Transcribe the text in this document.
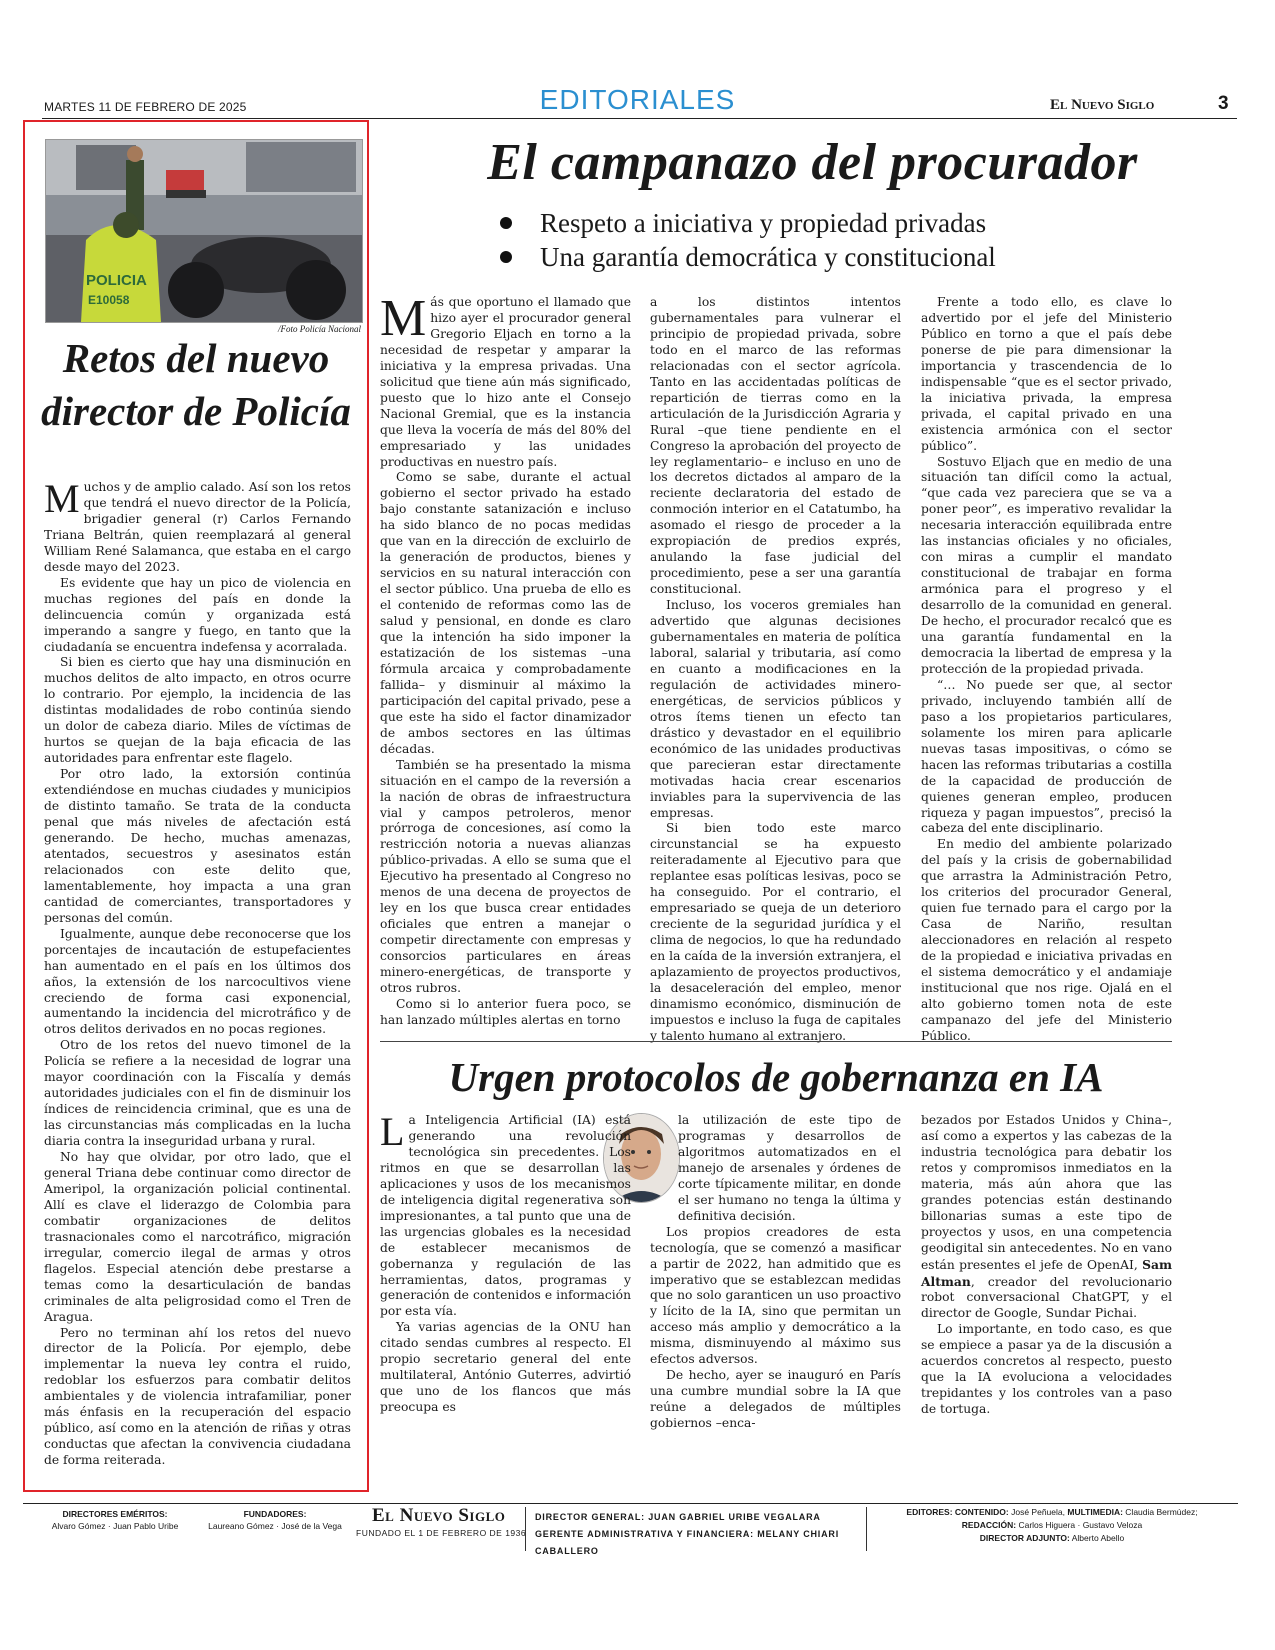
MARTES 11 DE FEBRERO DE 2025	EDITORIALES	El Nuevo Siglo	3
POLICIA
E10058
/Foto Policía Nacional
Retos del nuevo director de Policía

Muchos y de amplio calado. Así son los retos que tendrá el nuevo director de la Policía, brigadier general (r) Carlos Fernando Triana Beltrán, quien reemplazará al general William René Salamanca, que estaba en el cargo desde mayo del 2023.

Es evidente que hay un pico de violencia en muchas regiones del país en donde la delincuencia común y organizada está imperando a sangre y fuego, en tanto que la ciudadanía se encuentra indefensa y acorralada.

Si bien es cierto que hay una disminución en muchos delitos de alto impacto, en otros ocurre lo contrario. Por ejemplo, la incidencia de las distintas modalidades de robo continúa siendo un dolor de cabeza diario. Miles de víctimas de hurtos se quejan de la baja eficacia de las autoridades para enfrentar este flagelo.

Por otro lado, la extorsión continúa extendiéndose en muchas ciudades y municipios de distinto tamaño. Se trata de la conducta penal que más niveles de afectación está generando. De hecho, muchas amenazas, atentados, secuestros y asesinatos están relacionados con este delito que, lamentablemente, hoy impacta a una gran cantidad de comerciantes, transportadores y personas del común.

Igualmente, aunque debe reconocerse que los porcentajes de incautación de estupefacientes han aumentado en el país en los últimos dos años, la extensión de los narcocultivos viene creciendo de forma casi exponencial, aumentando la incidencia del microtráfico y de otros delitos derivados en no pocas regiones.

Otro de los retos del nuevo timonel de la Policía se refiere a la necesidad de lograr una mayor coordinación con la Fiscalía y demás autoridades judiciales con el fin de disminuir los índices de reincidencia criminal, que es una de las circunstancias más complicadas en la lucha diaria contra la inseguridad urbana y rural.

No hay que olvidar, por otro lado, que el general Triana debe continuar como director de Ameripol, la organización policial continental. Allí es clave el liderazgo de Colombia para combatir organizaciones de delitos trasnacionales como el narcotráfico, migración irregular, comercio ilegal de armas y otros flagelos. Especial atención debe prestarse a temas como la desarticulación de bandas criminales de alta peligrosidad como el Tren de Aragua.

Pero no terminan ahí los retos del nuevo director de la Policía. Por ejemplo, debe implementar la nueva ley contra el ruido, redoblar los esfuerzos para combatir delitos ambientales y de violencia intrafamiliar, poner más énfasis en la recuperación del espacio público, así como en la atención de riñas y otras conductas que afectan la convivencia ciudadana de forma reiterada.

El campanazo del procurador
Respeto a iniciativa y propiedad privadas
Una garantía democrática y constitucional

Más que oportuno el llamado que hizo ayer el procurador general Gregorio Eljach en torno a la necesidad de respetar y amparar la iniciativa y la empresa privadas. Una solicitud que tiene aún más significado, puesto que lo hizo ante el Consejo Nacional Gremial, que es la instancia que lleva la vocería de más del 80% del empresariado y las unidades productivas en nuestro país.

Como se sabe, durante el actual gobierno el sector privado ha estado bajo constante satanización e incluso ha sido blanco de no pocas medidas que van en la dirección de excluirlo de la generación de productos, bienes y servicios en su natural interacción con el sector público. Una prueba de ello es el contenido de reformas como las de salud y pensional, en donde es claro que la intención ha sido imponer la estatización de los sistemas –una fórmula arcaica y comprobadamente fallida– y disminuir al máximo la participación del capital privado, pese a que este ha sido el factor dinamizador de ambos sectores en las últimas décadas.

También se ha presentado la misma situación en el campo de la reversión a la nación de obras de infraestructura vial y campos petroleros, menor prórroga de concesiones, así como la restricción notoria a nuevas alianzas público-privadas. A ello se suma que el Ejecutivo ha presentado al Congreso no menos de una decena de proyectos de ley en los que busca crear entidades oficiales que entren a manejar o competir directamente con empresas y consorcios particulares en áreas minero-energéticas, de transporte y otros rubros.

Como si lo anterior fuera poco, se han lanzado múltiples alertas en torno

a los distintos intentos gubernamentales para vulnerar el principio de propiedad privada, sobre todo en el marco de las reformas relacionadas con el sector agrícola. Tanto en las accidentadas políticas de repartición de tierras como en la articulación de la Jurisdicción Agraria y Rural –que tiene pendiente en el Congreso la aprobación del proyecto de ley reglamentario– e incluso en uno de los decretos dictados al amparo de la reciente declaratoria del estado de conmoción interior en el Catatumbo, ha asomado el riesgo de proceder a la expropiación de predios exprés, anulando la fase judicial del procedimiento, pese a ser una garantía constitucional.

Incluso, los voceros gremiales han advertido que algunas decisiones gubernamentales en materia de política laboral, salarial y tributaria, así como en cuanto a modificaciones en la regulación de actividades minero-energéticas, de servicios públicos y otros ítems tienen un efecto tan drástico y devastador en el equilibrio económico de las unidades productivas que parecieran estar directamente motivadas hacia crear escenarios inviables para la supervivencia de las empresas.

Si bien todo este marco circunstancial se ha expuesto reiteradamente al Ejecutivo para que replantee esas políticas lesivas, poco se ha conseguido. Por el contrario, el empresariado se queja de un deterioro creciente de la seguridad jurídica y el clima de negocios, lo que ha redundado en la caída de la inversión extranjera, el aplazamiento de proyectos productivos, la desaceleración del empleo, menor dinamismo económico, disminución de impuestos e incluso la fuga de capitales y talento humano al extranjero.

Frente a todo ello, es clave lo advertido por el jefe del Ministerio Público en torno a que el país debe ponerse de pie para dimensionar la importancia y trascendencia de lo indispensable “que es el sector privado, la iniciativa privada, la empresa privada, el capital privado en una existencia armónica con el sector público”.

Sostuvo Eljach que en medio de una situación tan difícil como la actual, “que cada vez pareciera que se va a poner peor”, es imperativo revalidar la necesaria interacción equilibrada entre las instancias oficiales y no oficiales, con miras a cumplir el mandato constitucional de trabajar en forma armónica para el progreso y el desarrollo de la comunidad en general. De hecho, el procurador recalcó que es una garantía fundamental en la democracia la libertad de empresa y la protección de la propiedad privada.

“… No puede ser que, al sector privado, incluyendo también allí de paso a los propietarios particulares, solamente los miren para aplicarle nuevas tasas impositivas, o cómo se hacen las reformas tributarias a costilla de la capacidad de producción de quienes generan empleo, producen riqueza y pagan impuestos”, precisó la cabeza del ente disciplinario.

En medio del ambiente polarizado del país y la crisis de gobernabilidad que arrastra la Administración Petro, los criterios del procurador General, quien fue ternado para el cargo por la Casa de Nariño, resultan aleccionadores en relación al respeto de la propiedad e iniciativa privadas en el sistema democrático y el andamiaje institucional que nos rige. Ojalá en el alto gobierno tomen nota de este campanazo del jefe del Ministerio Público.

Urgen protocolos de gobernanza en IA

La Inteligencia Artificial (IA) está generando una revolución tecnológica sin precedentes. Los ritmos en que se desarrollan las aplicaciones y usos de los mecanismos de inteligencia digital regenerativa son impresionantes, a tal punto que una de las urgencias globales es la necesidad de establecer mecanismos de gobernanza y regulación de las herramientas, datos, programas y generación de contenidos e información por esta vía.

Ya varias agencias de la ONU han citado sendas cumbres al respecto. El propio secretario general del ente multilateral, António Guterres, advirtió que uno de los flancos que más preocupa es

la utilización de este tipo de programas y desarrollos de algoritmos automatizados en el manejo de arsenales y órdenes de corte típicamente militar, en donde el ser humano no tenga la última y definitiva decisión.

Los propios creadores de esta tecnología, que se comenzó a masificar a partir de 2022, han admitido que es imperativo que se establezcan medidas que no solo garanticen un uso proactivo y lícito de la IA, sino que permitan un acceso más amplio y democrático a la misma, disminuyendo al máximo sus efectos adversos.

De hecho, ayer se inauguró en París una cumbre mundial sobre la IA que reúne a delegados de múltiples gobiernos –enca-

bezados por Estados Unidos y China–, así como a expertos y las cabezas de la industria tecnológica para debatir los retos y compromisos inmediatos en la materia, más aún ahora que las grandes potencias están destinando billonarias sumas a este tipo de proyectos y usos, en una competencia geodigital sin antecedentes. No en vano están presentes el jefe de OpenAI, Sam Altman, creador del revolucionario robot conversacional ChatGPT, y el director de Google, Sundar Pichai.

Lo importante, en todo caso, es que se empiece a pasar ya de la discusión a acuerdos concretos al respecto, puesto que la IA evoluciona a velocidades trepidantes y los controles van a paso de tortuga.

DIRECTORES EMÉRITOS:
Alvaro Gómez · Juan Pablo Uribe
FUNDADORES:
Laureano Gómez · José de la Vega	El Nuevo Siglo
FUNDADO EL 1 DE FEBRERO DE 1936
DIRECTOR GENERAL: JUAN GABRIEL URIBE VEGALARA
GERENTE ADMINISTRATIVA Y FINANCIERA: MELANY CHIARI CABALLERO
EDITORES: CONTENIDO: José Peñuela, MULTIMEDIA: Claudia Bermúdez;
REDACCIÓN: Carlos Higuera · Gustavo Veloza
DIRECTOR ADJUNTO: Alberto Abello
